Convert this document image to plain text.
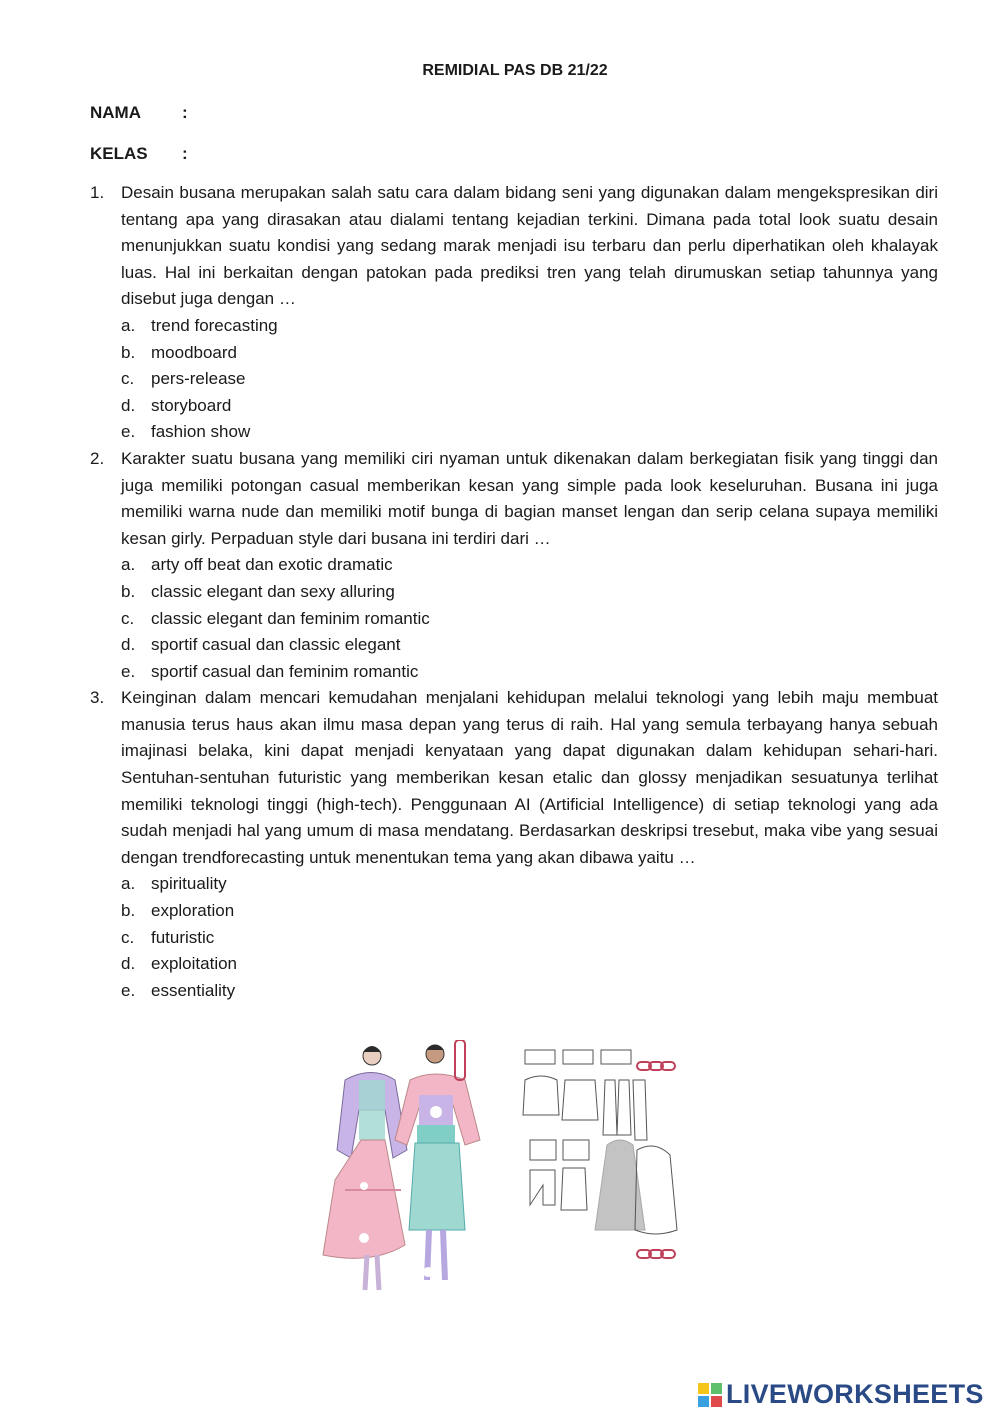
REMIDIAL PAS DB 21/22
NAMA :
KELAS :
1. Desain busana merupakan salah satu cara dalam bidang seni yang digunakan dalam mengekspresikan diri tentang apa yang dirasakan atau dialami tentang kejadian terkini. Dimana pada total look suatu desain menunjukkan suatu kondisi yang sedang marak menjadi isu terbaru dan perlu diperhatikan oleh khalayak luas. Hal ini berkaitan dengan patokan pada prediksi tren yang telah dirumuskan setiap tahunnya yang disebut juga dengan …
a. trend forecasting
b. moodboard
c. pers-release
d. storyboard
e. fashion show
2. Karakter suatu busana yang memiliki ciri nyaman untuk dikenakan dalam berkegiatan fisik yang tinggi dan juga memiliki potongan casual memberikan kesan yang simple pada look keseluruhan. Busana ini juga memiliki warna nude dan memiliki motif bunga di bagian manset lengan dan serip celana supaya memiliki kesan girly. Perpaduan style dari busana ini terdiri dari …
a. arty off beat dan exotic dramatic
b. classic elegant dan sexy alluring
c. classic elegant dan feminim romantic
d. sportif casual dan classic elegant
e. sportif casual dan feminim romantic
3. Keinginan dalam mencari kemudahan menjalani kehidupan melalui teknologi yang lebih maju membuat manusia terus haus akan ilmu masa depan yang terus di raih. Hal yang semula terbayang hanya sebuah imajinasi belaka, kini dapat menjadi kenyataan yang dapat digunakan dalam kehidupan sehari-hari. Sentuhan-sentuhan futuristic yang memberikan kesan etalic dan glossy menjadikan sesuatunya terlihat memiliki teknologi tinggi (high-tech). Penggunaan AI (Artificial Intelligence) di setiap teknologi yang ada sudah menjadi hal yang umum di masa mendatang. Berdasarkan deskripsi tresebut, maka vibe yang sesuai dengan trendforecasting untuk menentukan tema yang akan dibawa yaitu …
a. spirituality
b. exploration
c. futuristic
d. exploitation
e. essentiality
LIVEWORKSHEETS
